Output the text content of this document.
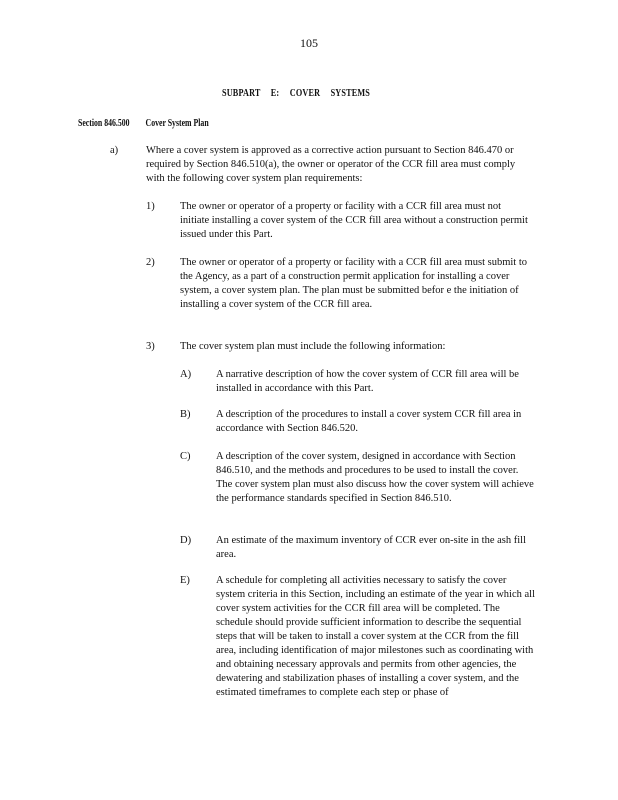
105
SUBPART E: COVER SYSTEMS
Section 846.500 Cover System Plan
a)	Where a cover system is approved as a corrective action pursuant to Section 846.470 or required by Section 846.510(a), the owner or operator of the CCR fill area must comply with the following cover system plan requirements:
1) The owner or operator of a property or facility with a CCR fill area must not initiate installing a cover system of the CCR fill area without a construction permit issued under this Part.
2) The owner or operator of a property or facility with a CCR fill area must submit to the Agency, as a part of a construction permit application for installing a cover system, a cover system plan. The plan must be submitted befor e the initiation of installing a cover system of the CCR fill area.
3) The cover system plan must include the following information:
A) A narrative description of how the cover system of CCR fill area will be installed in accordance with this Part.
B) A description of the procedures to install a cover system CCR fill area in accordance with Section 846.520.
C) A description of the cover system, designed in accordance with Section 846.510, and the methods and procedures to be used to install the cover. The cover system plan must also discuss how the cover system will achieve the performance standards specified in Section 846.510.
D) An estimate of the maximum inventory of CCR ever on-site in the ash fill area.
E) A schedule for completing all activities necessary to satisfy the cover system criteria in this Section, including an estimate of the year in which all cover system activities for the CCR fill area will be completed. The schedule should provide sufficient information to describe the sequential steps that will be taken to install a cover system at the CCR from the fill area, including identification of major milestones such as coordinating with and obtaining necessary approvals and permits from other agencies, the dewatering and stabilization phases of installing a cover system, and the estimated timeframes to complete each step or phase of
